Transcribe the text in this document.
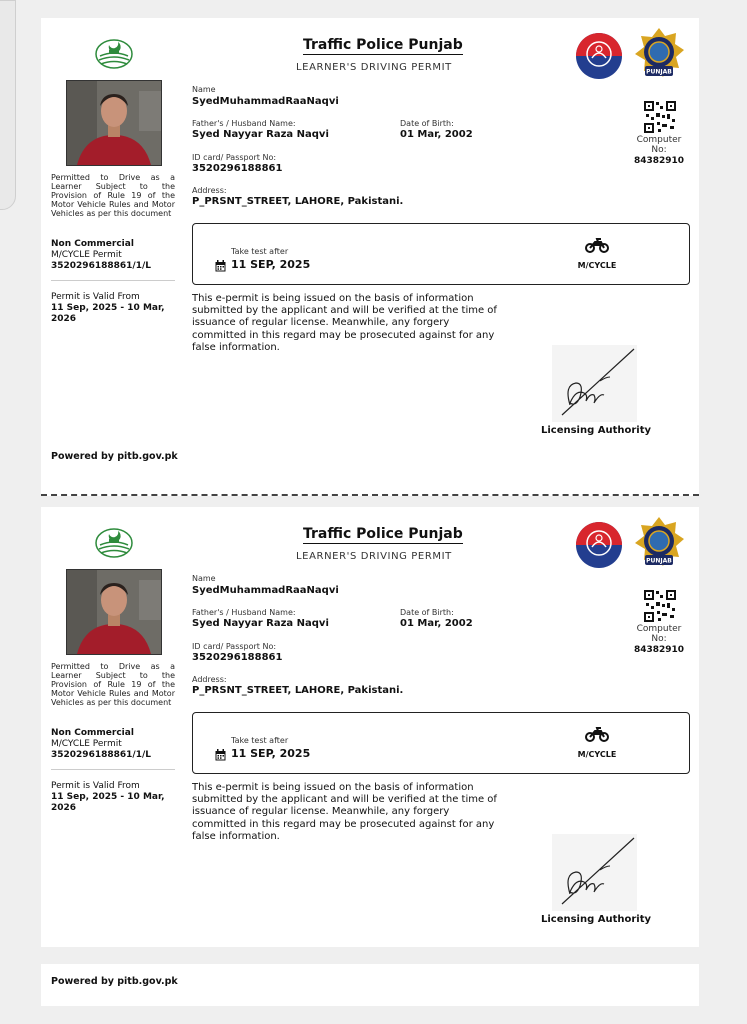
Permitted to Drive as a Learner Subject to the Provision of Rule 19 of the Motor Vehicle Rules and Motor Vehicles as per this document
Non Commercial
M/CYCLE Permit
3520296188861/1/L
Permit is Valid From
11 Sep, 2025 - 10 Mar, 2026
Traffic Police Punjab
LEARNER'S DRIVING PERMIT	PUNJAB
Computer No:
84382910
Name
SyedMuhammadRaaNaqvi
Father's / Husband Name:
Syed Nayyar Raza Naqvi
Date of Birth:
01 Mar, 2002
ID card/ Passport No:
3520296188861
Address:
P_PRSNT_STREET, LAHORE, Pakistani.
Take test after
11 SEP, 2025	M/CYCLE
This e-permit is being issued on the basis of information submitted by the applicant and will be verified at the time of issuance of regular license. Meanwhile, any forgery committed in this regard may be prosecuted against for any false information.
Licensing Authority
Powered by pitb.gov.pk
Permitted to Drive as a Learner Subject to the Provision of Rule 19 of the Motor Vehicle Rules and Motor Vehicles as per this document
Non Commercial
M/CYCLE Permit
3520296188861/1/L
Permit is Valid From
11 Sep, 2025 - 10 Mar, 2026
Traffic Police Punjab
LEARNER'S DRIVING PERMIT	PUNJAB
Computer No:
84382910
Name
SyedMuhammadRaaNaqvi
Father's / Husband Name:
Syed Nayyar Raza Naqvi
Date of Birth:
01 Mar, 2002
ID card/ Passport No:
3520296188861
Address:
P_PRSNT_STREET, LAHORE, Pakistani.
Take test after
11 SEP, 2025	M/CYCLE
This e-permit is being issued on the basis of information submitted by the applicant and will be verified at the time of issuance of regular license. Meanwhile, any forgery committed in this regard may be prosecuted against for any false information.
Licensing Authority
Powered by pitb.gov.pk
